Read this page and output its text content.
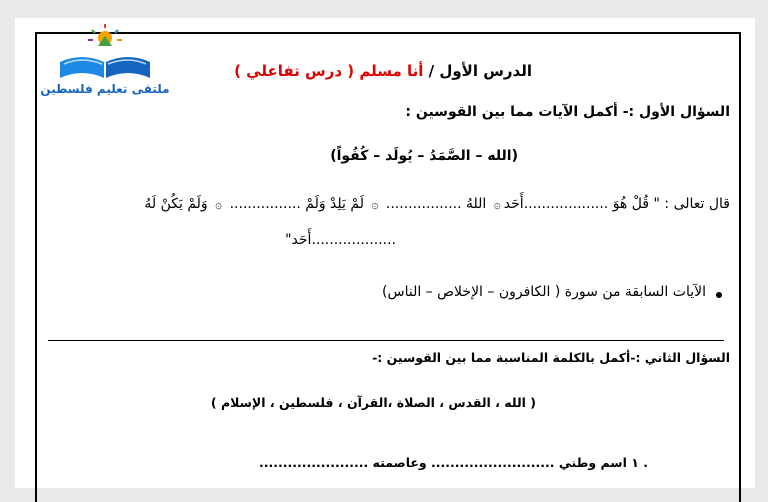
ملتقى تعليم فلسطين
الدرس الأول / أنا مسلم ( درس تفاعلي )
السؤال الأول :- أكمل الآيات مما بين القوسين :
(الله – الصَّمَدُ – يُولَد – كُفُواً)
قال تعالى : " قُلْ هُوَ ...................أَحَد۞ اللهُ ................. ۞ لَمْ يَلِدْ وَلَمْ ................ ۞ وَلَمْ يَكُنْ لَهُ
...................أَحَد"
الآيات السابقة من سورة ( الكافرون – الإخلاص – الناس)
السؤال الثاني :-أكمل بالكلمة المناسبة مما بين القوسين :-
( الله ، القدس ، الصلاة ،القرآن ، فلسطين ، الإسلام )
. ١ اسم وطني .......................... وعاصمته .......................
